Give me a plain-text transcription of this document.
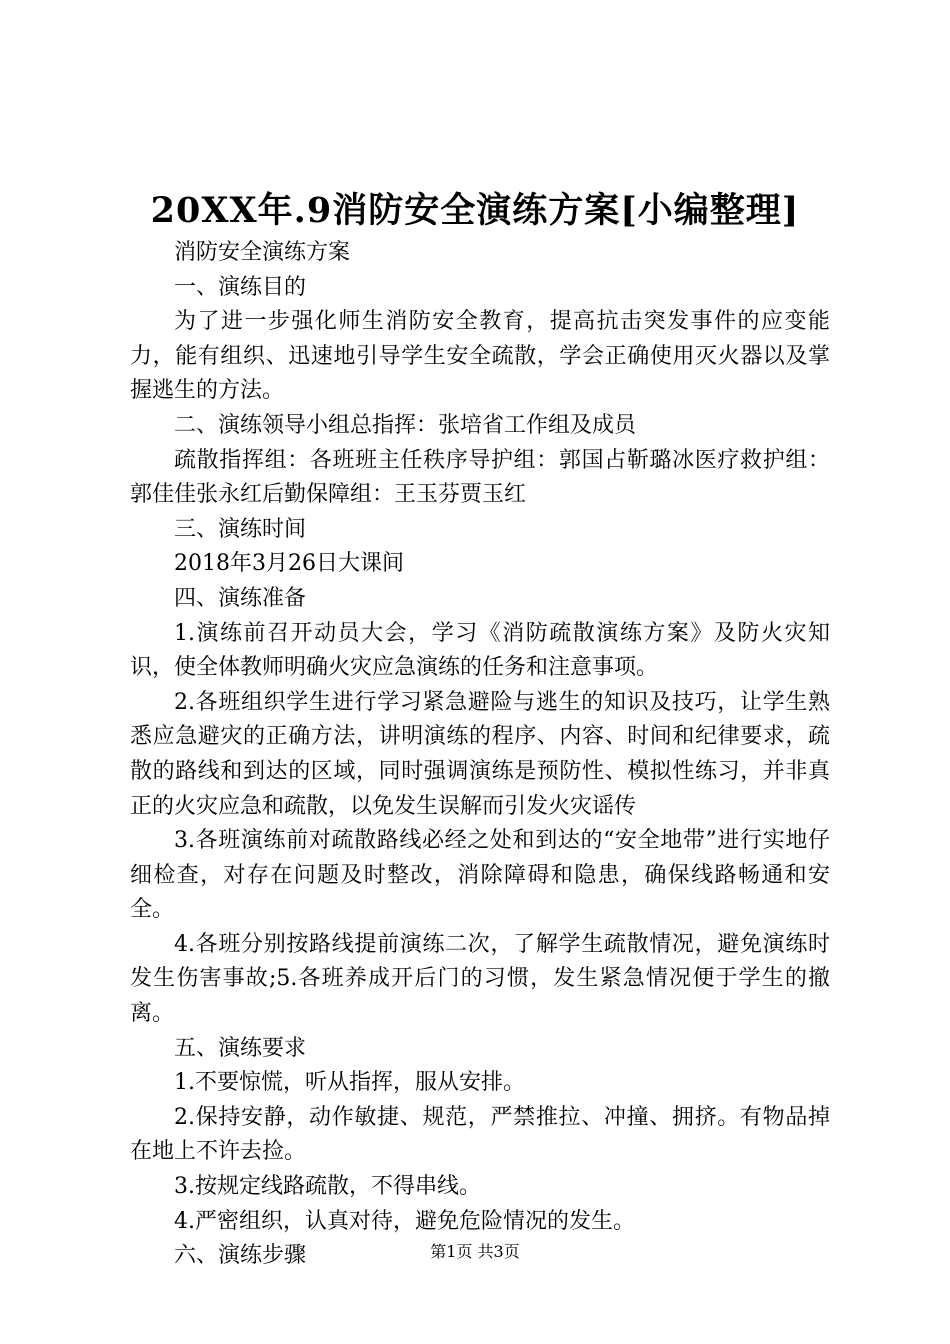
20XX年.9消防安全演练方案[小编整理]

消防安全演练方案

一、演练目的

为了进一步强化师生消防安全教育，提高抗击突发事件的应变能力，能有组织、迅速地引导学生安全疏散，学会正确使用灭火器以及掌握逃生的方法。

二、演练领导小组总指挥：张培省工作组及成员

疏散指挥组：各班班主任秩序导护组：郭国占靳璐冰医疗救护组：郭佳佳张永红后勤保障组：王玉芬贾玉红

三、演练时间

2018年3月26日大课间

四、演练准备

1.演练前召开动员大会，学习《消防疏散演练方案》及防火灾知识，使全体教师明确火灾应急演练的任务和注意事项。

2.各班组织学生进行学习紧急避险与逃生的知识及技巧，让学生熟悉应急避灾的正确方法，讲明演练的程序、内容、时间和纪律要求，疏散的路线和到达的区域，同时强调演练是预防性、模拟性练习，并非真正的火灾应急和疏散，以免发生误解而引发火灾谣传

3.各班演练前对疏散路线必经之处和到达的“安全地带”进行实地仔细检查，对存在问题及时整改，消除障碍和隐患，确保线路畅通和安全。

4.各班分别按路线提前演练二次，了解学生疏散情况，避免演练时发生伤害事故;5.各班养成开后门的习惯，发生紧急情况便于学生的撤离。

五、演练要求

1.不要惊慌，听从指挥，服从安排。

2.保持安静，动作敏捷、规范，严禁推拉、冲撞、拥挤。有物品掉在地上不许去捡。

3.按规定线路疏散，不得串线。

4.严密组织，认真对待，避免危险情况的发生。

六、演练步骤	第1页 共3页
